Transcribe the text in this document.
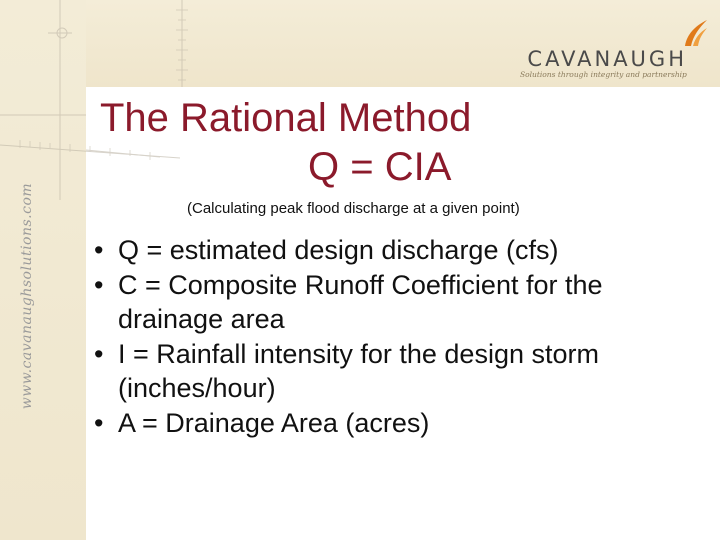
www.cavanaughsolutions.com
CAVANAUGH
Solutions through integrity and partnership
The Rational Method
Q = CIA
(Calculating peak flood discharge at a given point)
• Q = estimated design discharge (cfs)
• C = Composite Runoff Coefficient for the drainage area
• I = Rainfall intensity for the design storm (inches/hour)
• A = Drainage Area (acres)
